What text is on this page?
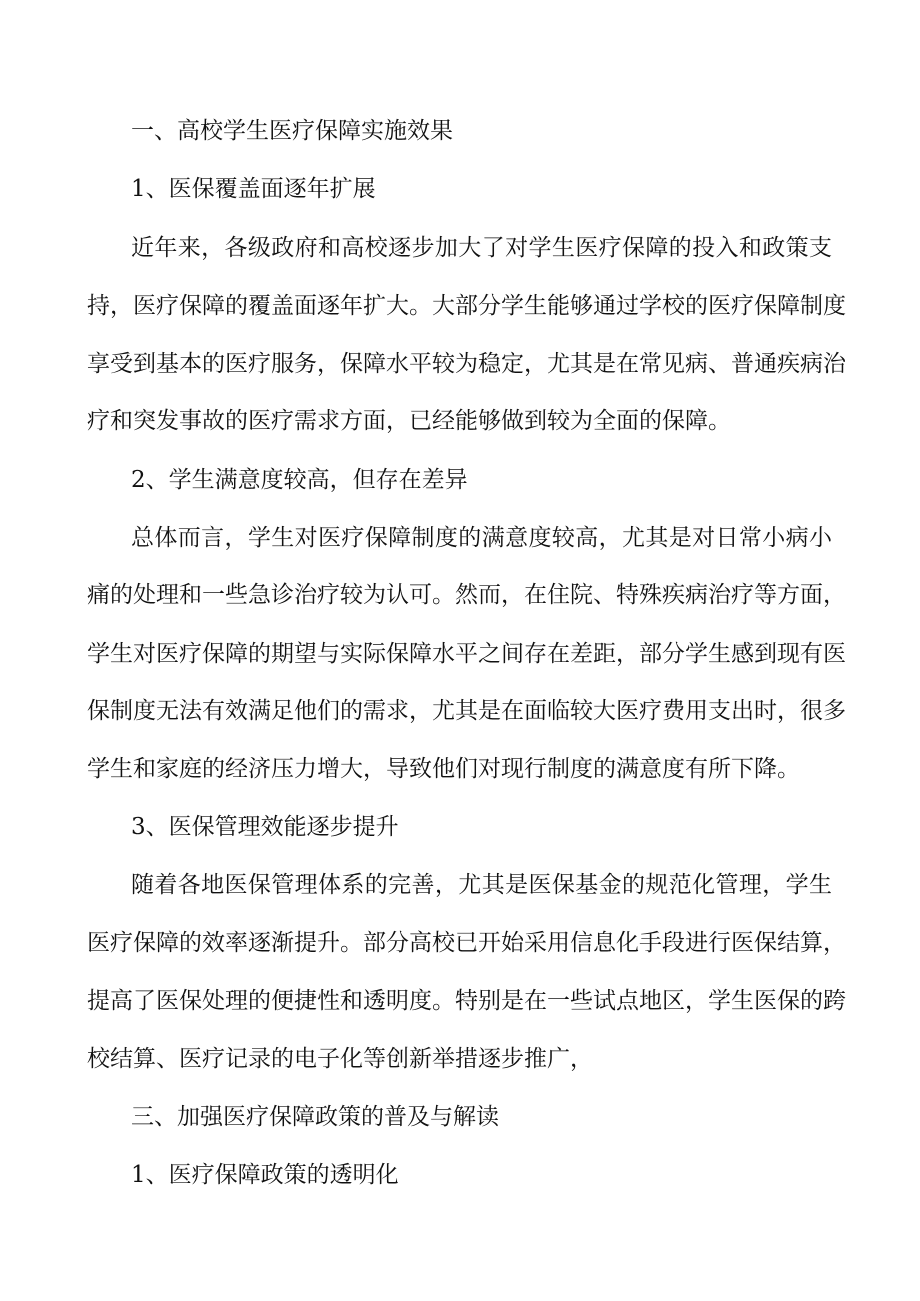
一、高校学生医疗保障实施效果
1、医保覆盖面逐年扩展
近年来，各级政府和高校逐步加大了对学生医疗保障的投入和政策支
持，医疗保障的覆盖面逐年扩大。大部分学生能够通过学校的医疗保障制度
享受到基本的医疗服务，保障水平较为稳定，尤其是在常见病、普通疾病治
疗和突发事故的医疗需求方面，已经能够做到较为全面的保障。
2、学生满意度较高，但存在差异
总体而言，学生对医疗保障制度的满意度较高，尤其是对日常小病小
痛的处理和一些急诊治疗较为认可。然而，在住院、特殊疾病治疗等方面，
学生对医疗保障的期望与实际保障水平之间存在差距，部分学生感到现有医
保制度无法有效满足他们的需求，尤其是在面临较大医疗费用支出时，很多
学生和家庭的经济压力增大，导致他们对现行制度的满意度有所下降。
3、医保管理效能逐步提升
随着各地医保管理体系的完善，尤其是医保基金的规范化管理，学生
医疗保障的效率逐渐提升。部分高校已开始采用信息化手段进行医保结算，
提高了医保处理的便捷性和透明度。特别是在一些试点地区，学生医保的跨
校结算、医疗记录的电子化等创新举措逐步推广，
三、加强医疗保障政策的普及与解读
1、医疗保障政策的透明化
